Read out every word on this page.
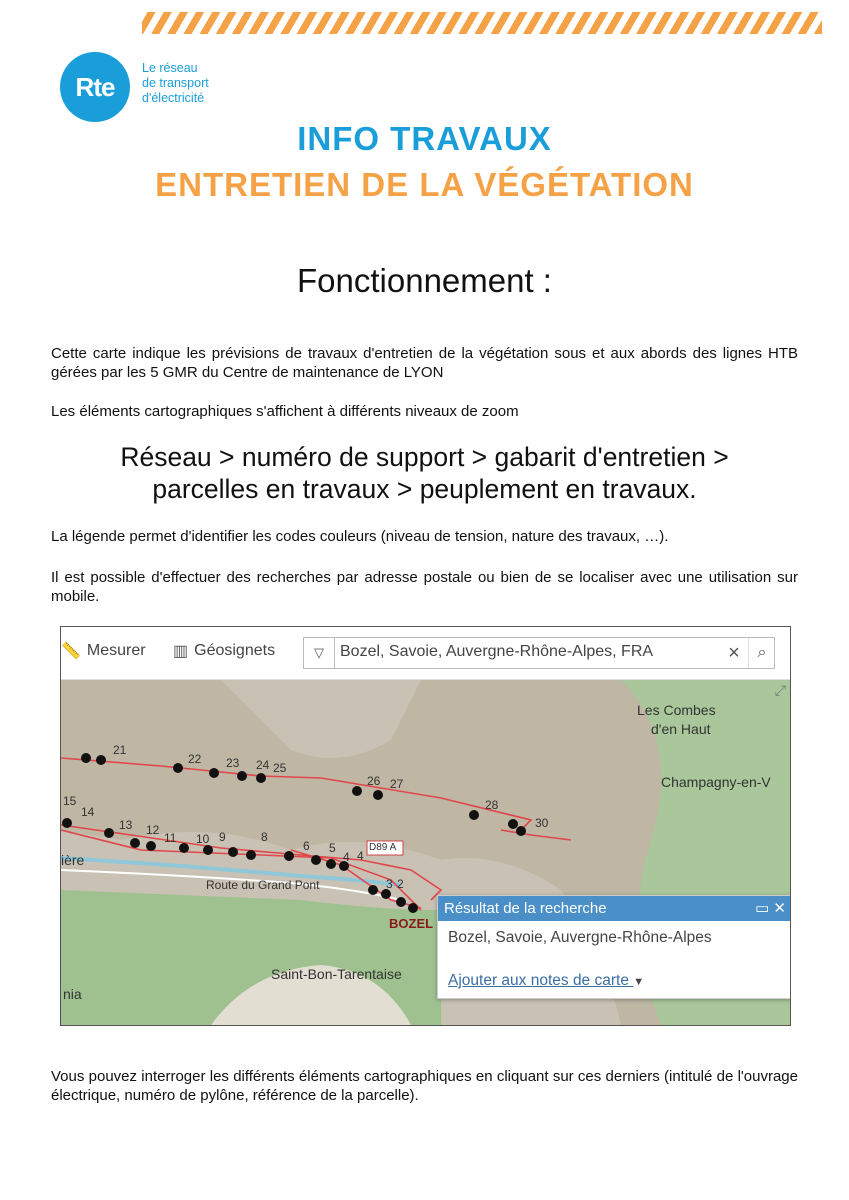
Rte
Le réseau
de transport
d'électricité
INFO TRAVAUX
ENTRETIEN DE LA VÉGÉTATION
Fonctionnement :
Cette carte indique les prévisions de travaux d'entretien de la végétation sous et aux abords des lignes HTB gérées par les 5 GMR du Centre de maintenance de LYON
Les éléments cartographiques s'affichent à différents niveaux de zoom
Réseau > numéro de support > gabarit d'entretien >
parcelles en travaux > peuplement en travaux.
La légende permet d'identifier les codes couleurs (niveau de tension, nature des travaux, …).
Il est possible d'effectuer des recherches par adresse postale ou bien de se localiser avec une utilisation sur mobile.
📏 Mesurer ▥ Géosignets	▽
Bozel, Savoie, Auvergne-Rhône-Alpes, FRA	×	⌕
Les Combes
d'en Haut
Champagny-en-V
Route du Grand Pont
Saint-Bon-Tarentaise
nia
ière
BOZEL
D89 A
21
22 23 24 25
26 27
28
30
15
14
13 12
11 10 9	8
6 5
4 4
3 2
⤢
Résultat de la recherche	▭ ✕
Bozel, Savoie, Auvergne-Rhône-Alpes
Ajouter aux notes de carte ▼
Vous pouvez interroger les différents éléments cartographiques en cliquant sur ces derniers (intitulé de l'ouvrage électrique, numéro de pylône, référence de la parcelle).
